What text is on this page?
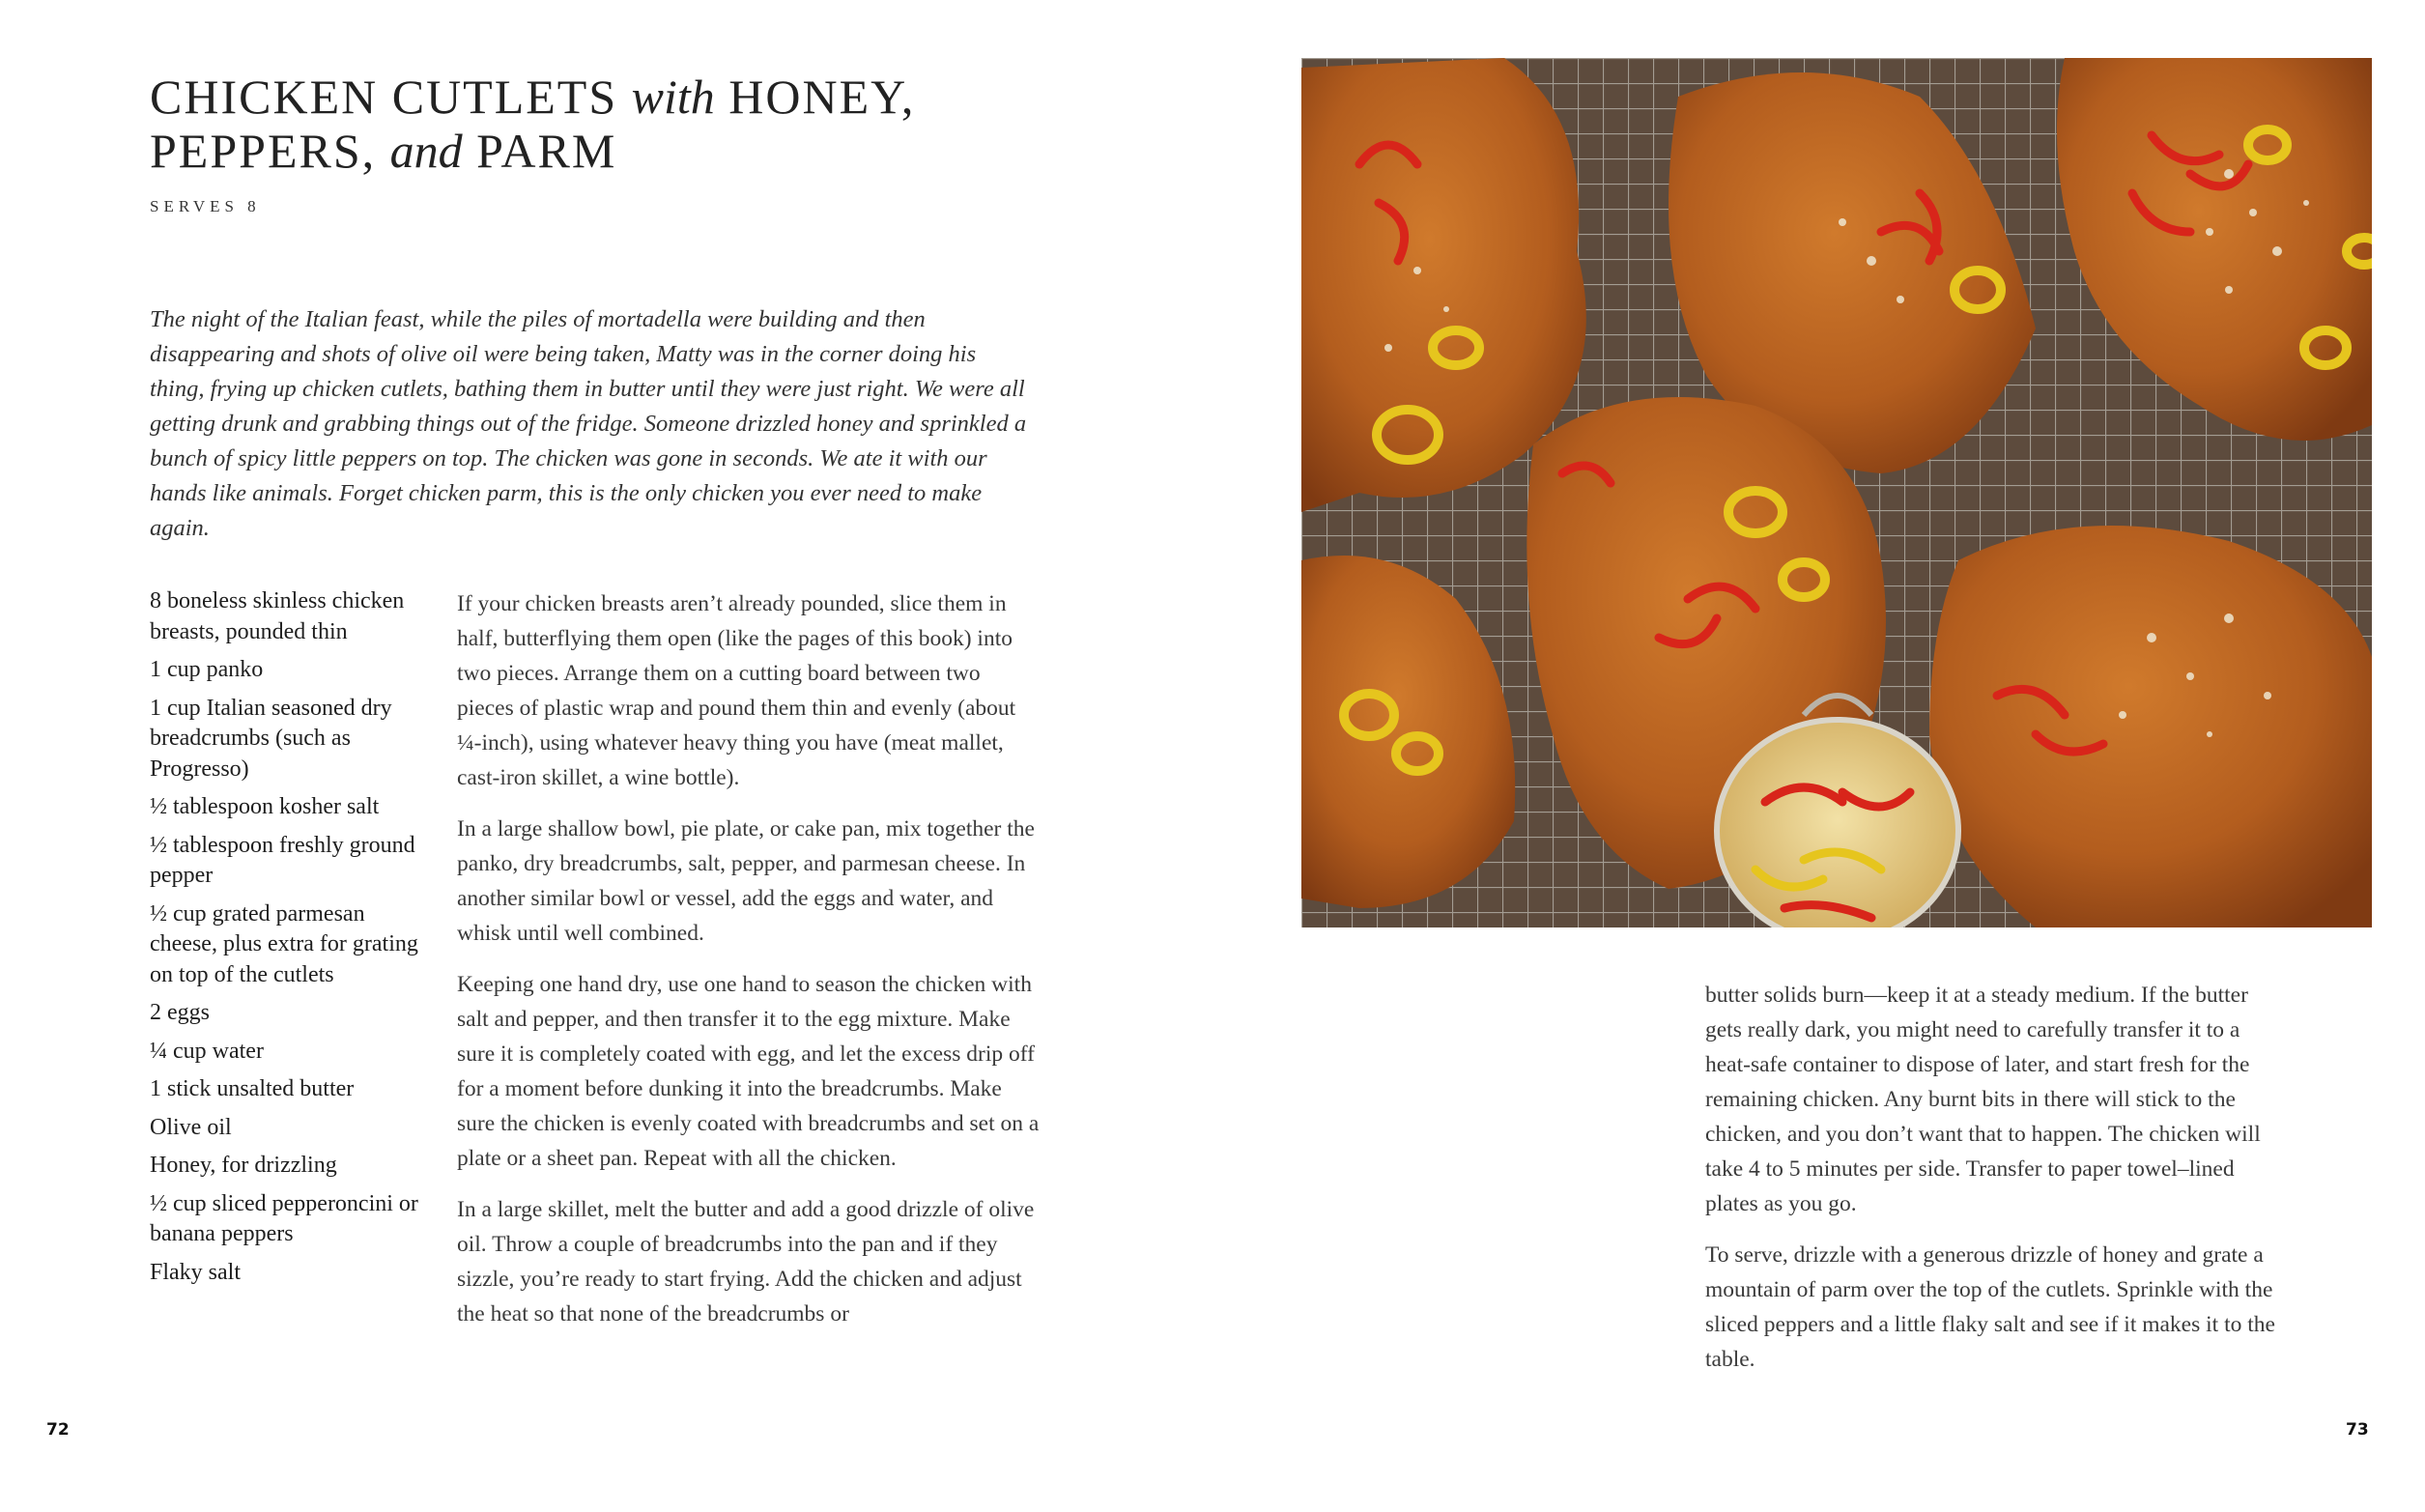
CHICKEN CUTLETS with HONEY,
PEPPERS, and PARM
SERVES 8

The night of the Italian feast, while the piles of mortadella were building and then disappearing and shots of olive oil were being taken, Matty was in the corner doing his thing, frying up chicken cutlets, bathing them in butter until they were just right. We were all getting drunk and grabbing things out of the fridge. Someone drizzled honey and sprinkled a bunch of spicy little peppers on top. The chicken was gone in seconds. We ate it with our hands like animals. Forget chicken parm, this is the only chicken you ever need to make again.

8 boneless skinless chicken breasts, pounded thin
1 cup panko
1 cup Italian seasoned dry breadcrumbs (such as Progresso)
½ tablespoon kosher salt
½ tablespoon freshly ground pepper
½ cup grated parmesan cheese, plus extra for grating on top of the cutlets
2 eggs
¼ cup water
1 stick unsalted butter
Olive oil
Honey, for drizzling
½ cup sliced pepperoncini or banana peppers
Flaky salt

If your chicken breasts aren’t already pounded, slice them in half, butterflying them open (like the pages of this book) into two pieces. Arrange them on a cutting board between two pieces of plastic wrap and pound them thin and evenly (about ¼-inch), using whatever heavy thing you have (meat mallet, cast-iron skillet, a wine bottle).

In a large shallow bowl, pie plate, or cake pan, mix together the panko, dry breadcrumbs, salt, pepper, and parmesan cheese. In another similar bowl or vessel, add the eggs and water, and whisk until well combined.

Keeping one hand dry, use one hand to season the chicken with salt and pepper, and then transfer it to the egg mixture. Make sure it is completely coated with egg, and let the excess drip off for a moment before dunking it into the breadcrumbs. Make sure the chicken is evenly coated with breadcrumbs and set on a plate or a sheet pan. Repeat with all the chicken.

In a large skillet, melt the butter and add a good drizzle of olive oil. Throw a couple of breadcrumbs into the pan and if they sizzle, you’re ready to start frying. Add the chicken and adjust the heat so that none of the breadcrumbs or

72

butter solids burn—keep it at a steady medium. If the butter gets really dark, you might need to carefully transfer it to a heat-safe container to dispose of later, and start fresh for the remaining chicken. Any burnt bits in there will stick to the chicken, and you don’t want that to happen. The chicken will take 4 to 5 minutes per side. Transfer to paper towel–lined plates as you go.

To serve, drizzle with a generous drizzle of honey and grate a mountain of parm over the top of the cutlets. Sprinkle with the sliced peppers and a little flaky salt and see if it makes it to the table.

73
